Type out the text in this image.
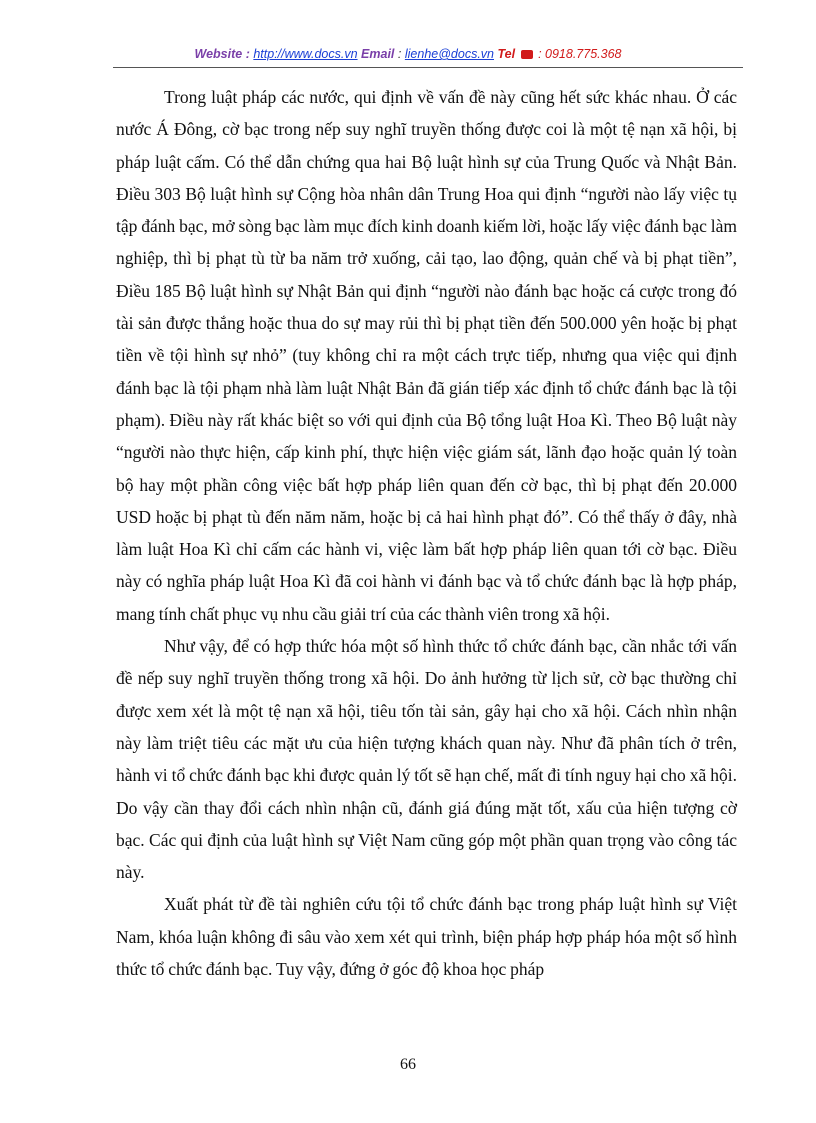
Website : http://www.docs.vn Email : lienhe@docs.vn Tel : 0918.775.368

Trong luật pháp các nước, qui định về vấn đề này cũng hết sức khác nhau. Ở các nước Á Đông, cờ bạc trong nếp suy nghĩ truyền thống được coi là một tệ nạn xã hội, bị pháp luật cấm. Có thể dẫn chứng qua hai Bộ luật hình sự của Trung Quốc và Nhật Bản. Điều 303 Bộ luật hình sự Cộng hòa nhân dân Trung Hoa qui định “người nào lấy việc tụ tập đánh bạc, mở sòng bạc làm mục đích kinh doanh kiếm lời, hoặc lấy việc đánh bạc làm nghiệp, thì bị phạt tù từ ba năm trở xuống, cải tạo, lao động, quản chế và bị phạt tiền”, Điều 185 Bộ luật hình sự Nhật Bản qui định “người nào đánh bạc hoặc cá cược trong đó tài sản được thắng hoặc thua do sự may rủi thì bị phạt tiền đến 500.000 yên hoặc bị phạt tiền về tội hình sự nhỏ” (tuy không chỉ ra một cách trực tiếp, nhưng qua việc qui định đánh bạc là tội phạm nhà làm luật Nhật Bản đã gián tiếp xác định tổ chức đánh bạc là tội phạm). Điều này rất khác biệt so với qui định của Bộ tổng luật Hoa Kì. Theo Bộ luật này “người nào thực hiện, cấp kinh phí, thực hiện việc giám sát, lãnh đạo hoặc quản lý toàn bộ hay một phần công việc bất hợp pháp liên quan đến cờ bạc, thì bị phạt đến 20.000 USD hoặc bị phạt tù đến năm năm, hoặc bị cả hai hình phạt đó”. Có thể thấy ở đây, nhà làm luật Hoa Kì chỉ cấm các hành vi, việc làm bất hợp pháp liên quan tới cờ bạc. Điều này có nghĩa pháp luật Hoa Kì đã coi hành vi đánh bạc và tổ chức đánh bạc là hợp pháp, mang tính chất phục vụ nhu cầu giải trí của các thành viên trong xã hội.

Như vậy, để có hợp thức hóa một số hình thức tổ chức đánh bạc, cần nhắc tới vấn đề nếp suy nghĩ truyền thống trong xã hội. Do ảnh hưởng từ lịch sử, cờ bạc thường chỉ được xem xét là một tệ nạn xã hội, tiêu tốn tài sản, gây hại cho xã hội. Cách nhìn nhận này làm triệt tiêu các mặt ưu của hiện tượng khách quan này. Như đã phân tích ở trên, hành vi tổ chức đánh bạc khi được quản lý tốt sẽ hạn chế, mất đi tính nguy hại cho xã hội. Do vậy cần thay đổi cách nhìn nhận cũ, đánh giá đúng mặt tốt, xấu của hiện tượng cờ bạc. Các qui định của luật hình sự Việt Nam cũng góp một phần quan trọng vào công tác này.

Xuất phát từ đề tài nghiên cứu tội tổ chức đánh bạc trong pháp luật hình sự Việt Nam, khóa luận không đi sâu vào xem xét qui trình, biện pháp hợp pháp hóa một số hình thức tổ chức đánh bạc. Tuy vậy, đứng ở góc độ khoa học pháp

66
